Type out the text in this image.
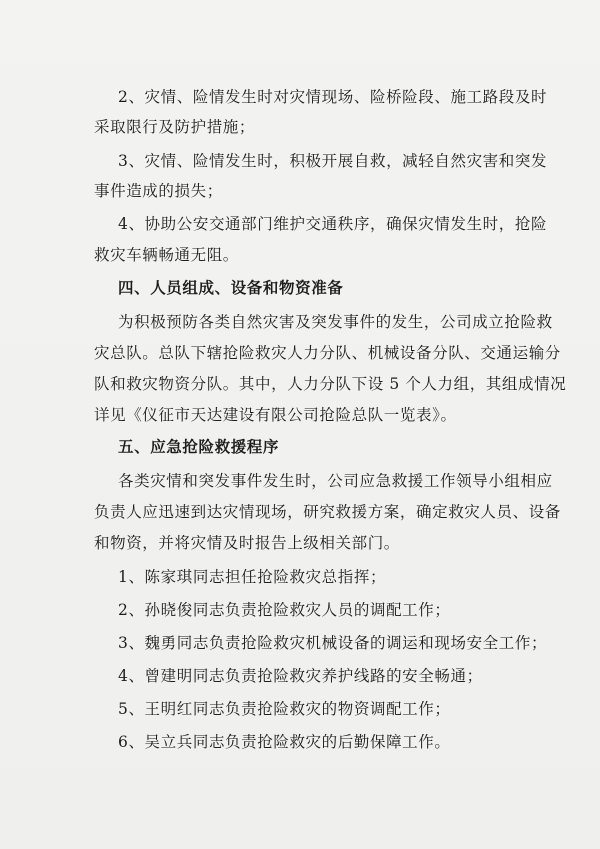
2、灾情、险情发生时对灾情现场、险桥险段、施工路段及时

采取限行及防护措施；

3、灾情、险情发生时，积极开展自救，减轻自然灾害和突发

事件造成的损失；

4、协助公安交通部门维护交通秩序，确保灾情发生时，抢险

救灾车辆畅通无阻。

四、人员组成、设备和物资准备

为积极预防各类自然灾害及突发事件的发生，公司成立抢险救

灾总队。总队下辖抢险救灾人力分队、机械设备分队、交通运输分

队和救灾物资分队。其中，人力分队下设 5 个人力组，其组成情况

详见《仪征市天达建设有限公司抢险总队一览表》。

五、应急抢险救援程序

各类灾情和突发事件发生时，公司应急救援工作领导小组相应

负责人应迅速到达灾情现场，研究救援方案，确定救灾人员、设备

和物资，并将灾情及时报告上级相关部门。

1、陈家琪同志担任抢险救灾总指挥；

2、孙晓俊同志负责抢险救灾人员的调配工作；

3、魏勇同志负责抢险救灾机械设备的调运和现场安全工作；

4、曾建明同志负责抢险救灾养护线路的安全畅通；

5、王明红同志负责抢险救灾的物资调配工作；

6、吴立兵同志负责抢险救灾的后勤保障工作。
